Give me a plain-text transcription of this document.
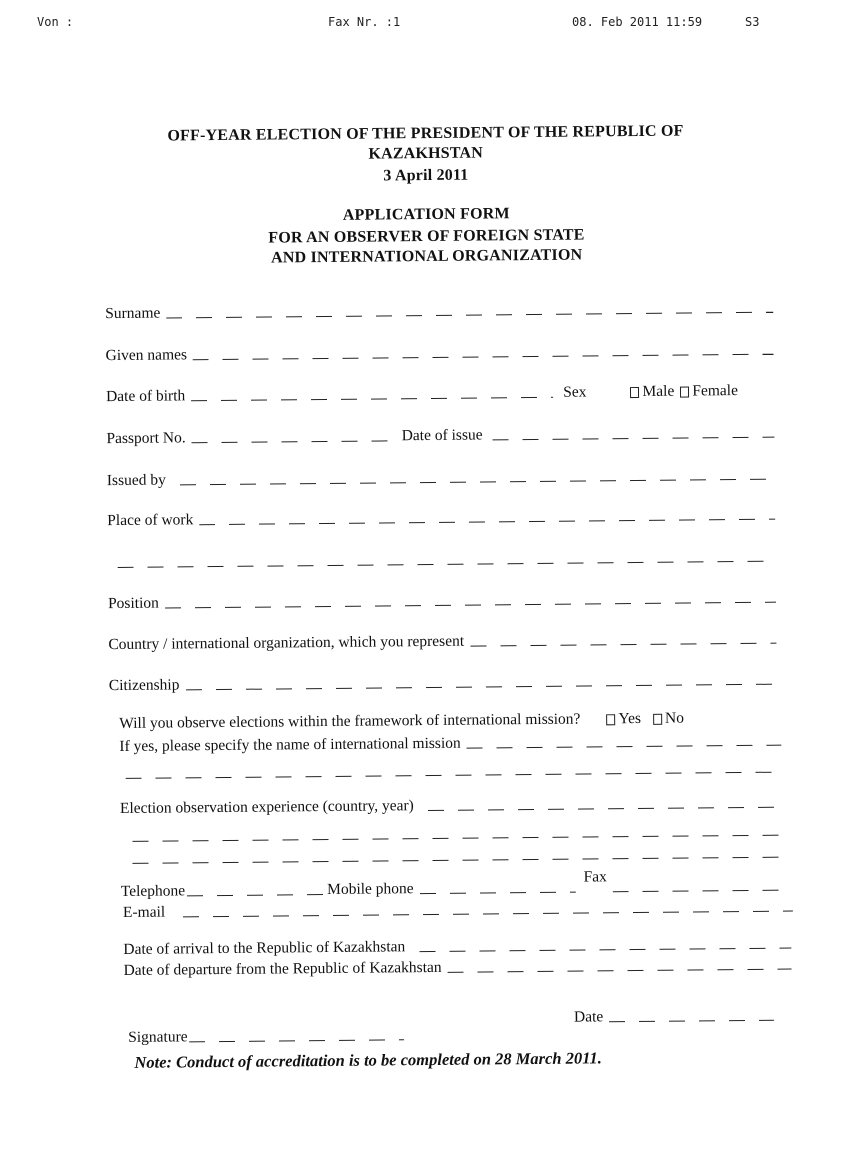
Von :	Fax Nr. :1	08. Feb 2011 11:59	S3
OFF-YEAR ELECTION OF THE PRESIDENT OF THE REPUBLIC OF
KAZAKHSTAN
3 April 2011
APPLICATION FORM
FOR AN OBSERVER OF FOREIGN STATE
AND INTERNATIONAL ORGANIZATION
Surname
Given names
Date of birth	Sex	Male Female
Passport No.	Date of issue
Issued by
Place of work
Position
Country / international organization, which you represent
Citizenship
Will you observe elections within the framework of international mission?	Yes No
If yes, please specify the name of international mission
Election observation experience (country, year)
Telephone	Mobile phone
Fax
E-mail
Date of arrival to the Republic of Kazakhstan
Date of departure from the Republic of Kazakhstan
Date
Signature
Note: Conduct of accreditation is to be completed on 28 March 2011.
